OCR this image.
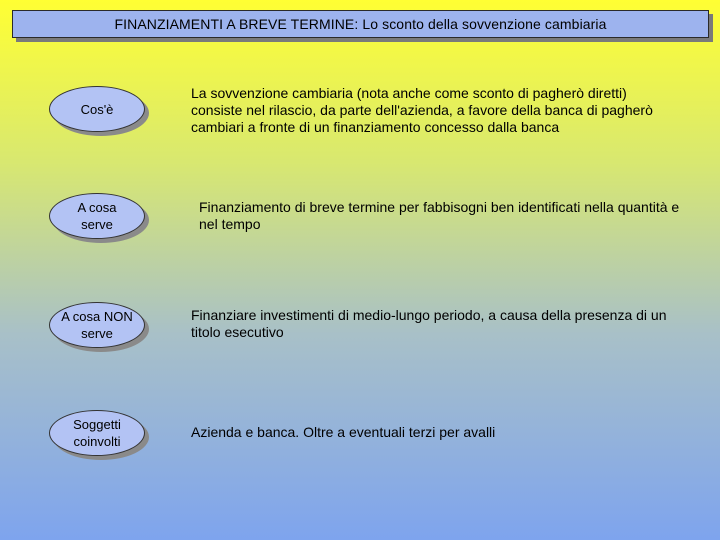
FINANZIAMENTI A BREVE TERMINE: Lo sconto della sovvenzione cambiaria
Cos'è
La sovvenzione cambiaria (nota anche come sconto di pagherò diretti) consiste nel rilascio, da parte dell'azienda, a favore della banca di pagherò cambiari a fronte di un finanziamento concesso dalla banca
A cosa serve
Finanziamento di breve termine per fabbisogni ben identificati nella quantità e nel tempo
A cosa NON serve
Finanziare investimenti di medio-lungo periodo, a causa della presenza di un titolo esecutivo
Soggetti coinvolti
Azienda e banca. Oltre a eventuali terzi per avalli
